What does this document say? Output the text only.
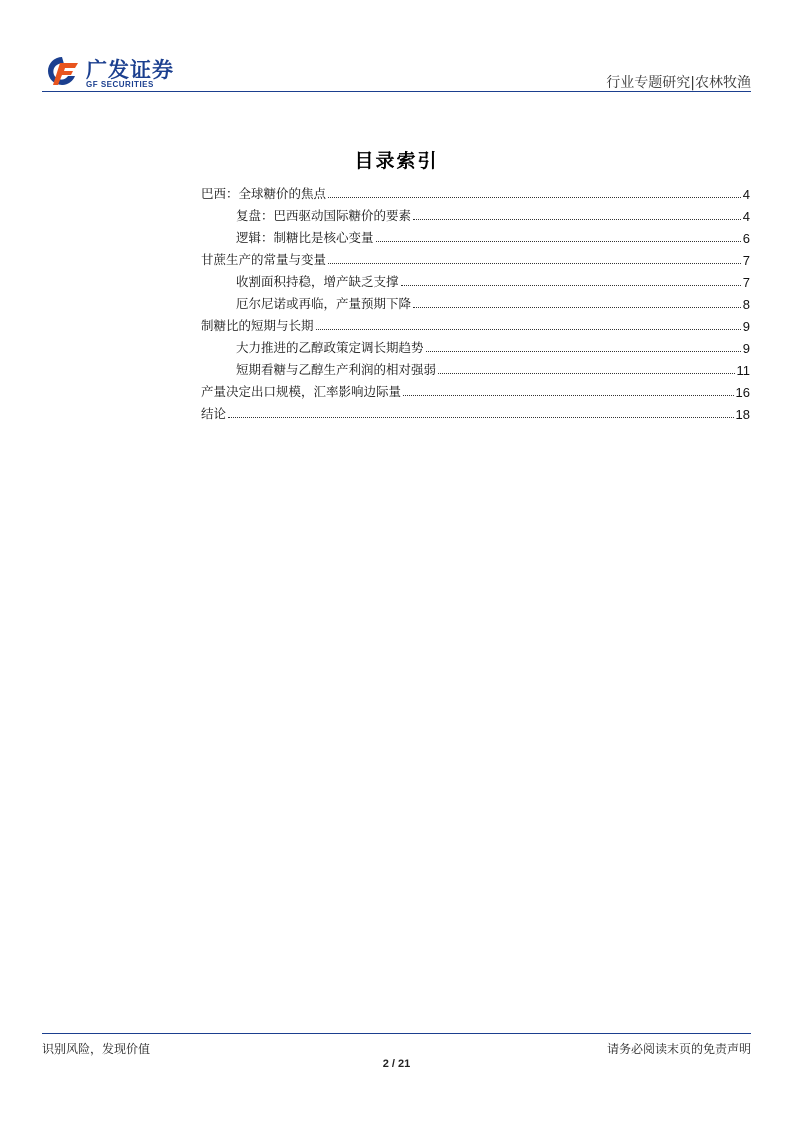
广发证券
GF SECURITIES	行业专题研究|农林牧渔
目录索引
巴西：全球糖价的焦点	4
复盘：巴西驱动国际糖价的要素	4
逻辑：制糖比是核心变量	6
甘蔗生产的常量与变量	7
收割面积持稳，增产缺乏支撑	7
厄尔尼诺或再临，产量预期下降	8
制糖比的短期与长期	9
大力推进的乙醇政策定调长期趋势	9
短期看糖与乙醇生产利润的相对强弱	11
产量决定出口规模，汇率影响边际量	16
结论	18
识别风险，发现价值	请务必阅读末页的免责声明
2 / 21
